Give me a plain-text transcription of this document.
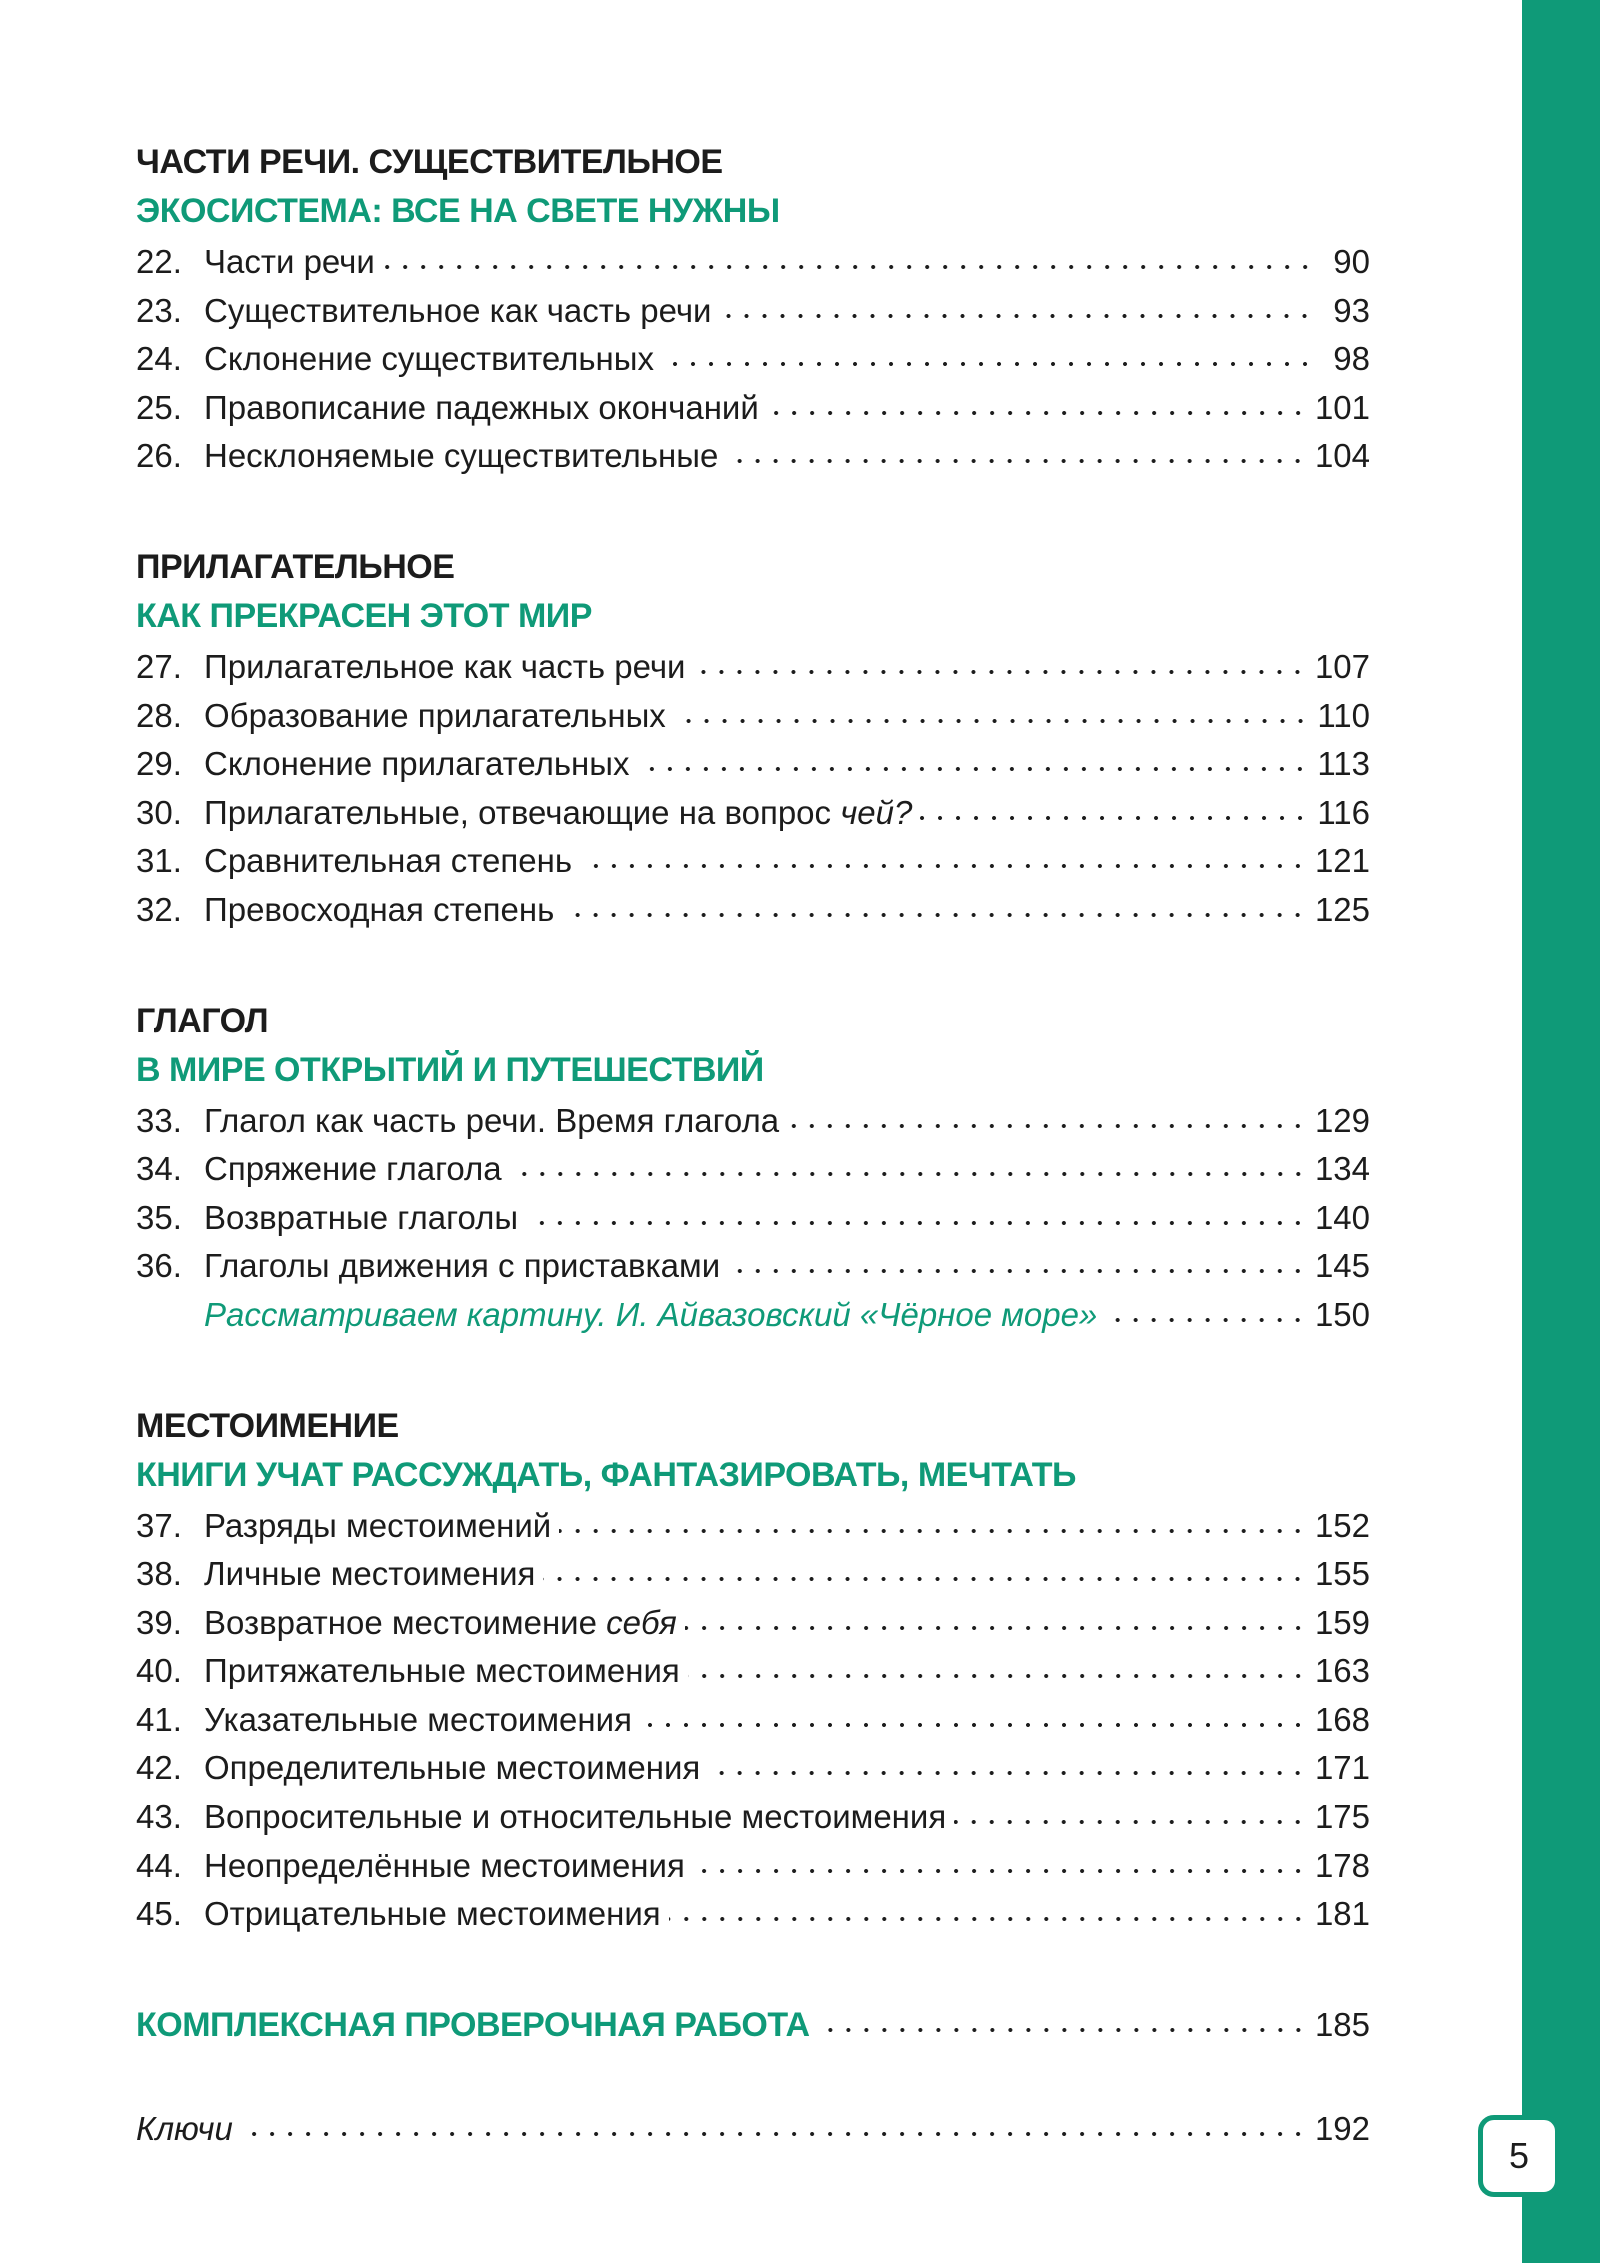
ЧАСТИ РЕЧИ. СУЩЕСТВИТЕЛЬНОЕ
ЭКОСИСТЕМА: ВСЕ НА СВЕТЕ НУЖНЫ
22. Части речи	90
23. Существительное как часть речи	93
24. Склонение существительных	98
25. Правописание падежных окончаний	101
26. Несклоняемые существительные	104
ПРИЛАГАТЕЛЬНОЕ
КАК ПРЕКРАСЕН ЭТОТ МИР
27. Прилагательное как часть речи	107
28. Образование прилагательных	110
29. Склонение прилагательных	113
30. Прилагательные, отвечающие на вопрос чей?	116
31. Сравнительная степень	121
32. Превосходная степень	125
ГЛАГОЛ
В МИРЕ ОТКРЫТИЙ И ПУТЕШЕСТВИЙ
33. Глагол как часть речи. Время глагола	129
34. Спряжение глагола	134
35. Возвратные глаголы	140
36. Глаголы движения с приставками	145
Рассматриваем картину. И. Айвазовский «Чёрное море»	150
МЕСТОИМЕНИЕ
КНИГИ УЧАТ РАССУЖДАТЬ, ФАНТАЗИРОВАТЬ, МЕЧТАТЬ
37. Разряды местоимений	152
38. Личные местоимения	155
39. Возвратное местоимение себя	159
40. Притяжательные местоимения	163
41. Указательные местоимения	168
42. Определительные местоимения	171
43. Вопросительные и относительные местоимения	175
44. Неопределённые местоимения	178
45. Отрицательные местоимения	181
КОМПЛЕКСНАЯ ПРОВЕРОЧНАЯ РАБОТА	185
Ключи	192
5
